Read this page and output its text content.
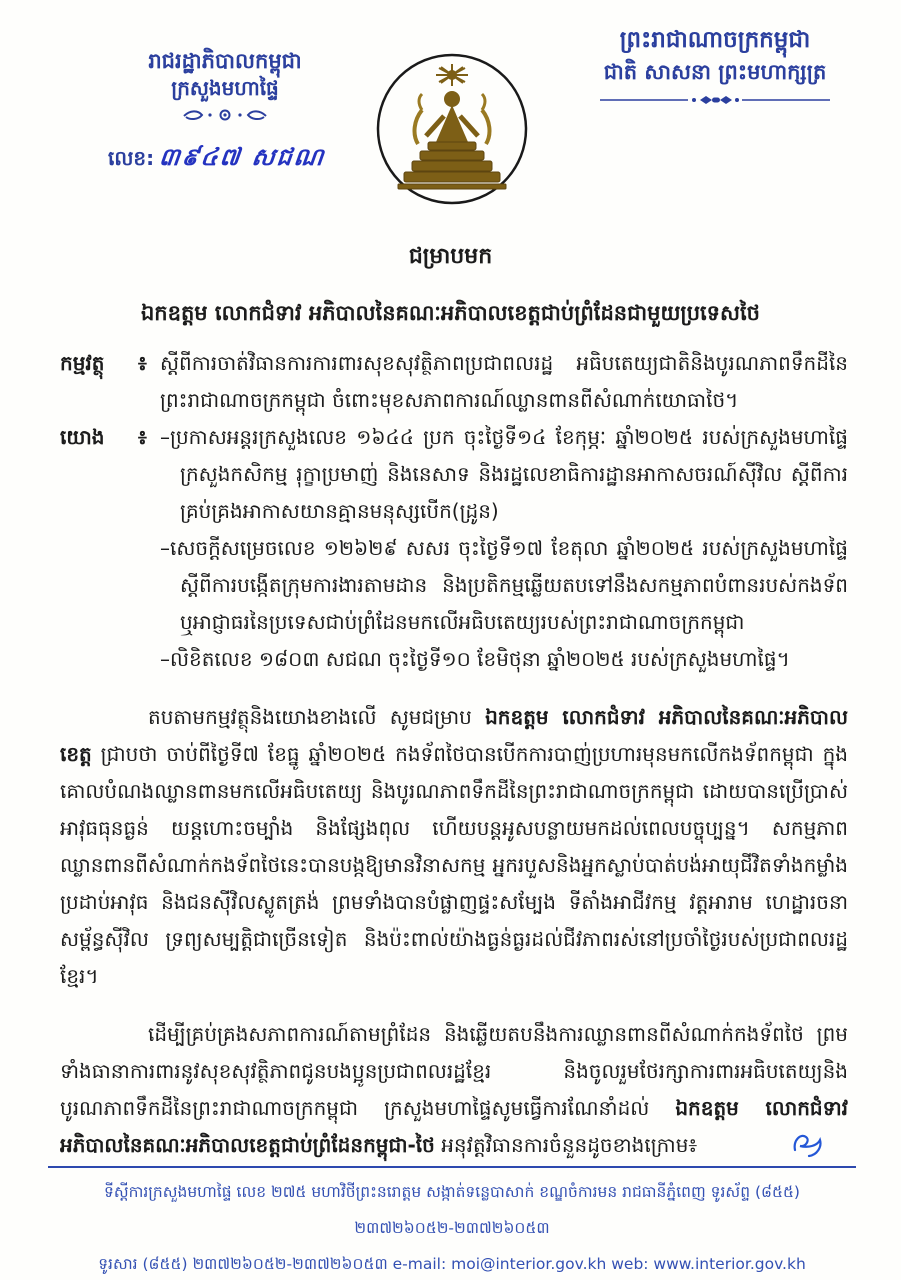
រាជរដ្ឋាភិបាលកម្ពុជា
ក្រសួងមហាផ្ទៃ
លេខ: ៣៩៤៧ សជណ
ព្រះរាជាណាចក្រកម្ពុជា
ជាតិ សាសនា ព្រះមហាក្សត្រ
ជម្រាបមក
ឯកឧត្តម លោកជំទាវ អភិបាលនៃគណៈអភិបាលខេត្តជាប់ព្រំដែនជាមួយប្រទេសថៃ
កម្មវត្ថុ	៖ ស្តីពីការចាត់វិធានការការពារសុខសុវត្ថិភាពប្រជាពលរដ្ឋ អធិបតេយ្យជាតិនិងបូរណភាពទឹកដីនៃព្រះរាជាណាចក្រកម្ពុជា ចំពោះមុខសភាពការណ៍ឈ្លានពានពីសំណាក់យោធាថៃ។
យោង	៖ –ប្រកាសអន្តរក្រសួងលេខ ១៦៤៤ ប្រក ចុះថ្ងៃទី១៤ ខែកុម្ភៈ ឆ្នាំ២០២៥ របស់ក្រសួងមហាផ្ទៃ ក្រសួងកសិកម្ម រុក្ខាប្រមាញ់ និងនេសាទ និងរដ្ឋលេខាធិការដ្ឋានអាកាសចរណ៍ស៊ីវិល ស្តីពីការគ្រប់គ្រងអាកាសយានគ្មានមនុស្សបើក(ដ្រូន)
–សេចក្តីសម្រេចលេខ ១២៦២៩ សសរ ចុះថ្ងៃទី១៧ ខែតុលា ឆ្នាំ២០២៥ របស់ក្រសួងមហាផ្ទៃ ស្តីពីការបង្កើតក្រុមការងារតាមដាន និងប្រតិកម្មឆ្លើយតបទៅនឹងសកម្មភាពបំពានរបស់កងទ័ព ឬអាជ្ញាធរនៃប្រទេសជាប់ព្រំដែនមកលើអធិបតេយ្យរបស់ព្រះរាជាណាចក្រកម្ពុជា
–លិខិតលេខ ១៨០៣ សជណ ចុះថ្ងៃទី១០ ខែមិថុនា ឆ្នាំ២០២៥ របស់ក្រសួងមហាផ្ទៃ។

តបតាមកម្មវត្ថុនិងយោងខាងលើ សូមជម្រាប ឯកឧត្តម លោកជំទាវ អភិបាលនៃគណៈអភិបាលខេត្ត ជ្រាបថា ចាប់ពីថ្ងៃទី៧ ខែធ្នូ ឆ្នាំ២០២៥ កងទ័ពថៃបានបើកការបាញ់ប្រហារមុនមកលើកងទ័ពកម្ពុជា ក្នុងគោលបំណងឈ្លានពានមកលើអធិបតេយ្យ និងបូរណភាពទឹកដីនៃព្រះរាជាណាចក្រកម្ពុជា ដោយបានប្រើប្រាស់អាវុធធុនធ្ងន់ យន្តហោះចម្បាំង និងផ្សែងពុល ហើយបន្តអូសបន្លាយមកដល់ពេលបច្ចុប្បន្ន។ សកម្មភាពឈ្លានពានពីសំណាក់កងទ័ពថៃនេះបានបង្កឱ្យមានវិនាសកម្ម អ្នករបួសនិងអ្នកស្លាប់បាត់បង់អាយុជីវិតទាំងកម្លាំងប្រដាប់អាវុធ និងជនស៊ីវិលស្លូតត្រង់ ព្រមទាំងបានបំផ្លាញផ្ទះសម្បែង ទីតាំងអាជីវកម្ម វត្តអារាម ហេដ្ឋារចនាសម្ព័ន្ធស៊ីវិល ទ្រព្យសម្បត្តិជាច្រើនទៀត និងប៉ះពាល់យ៉ាងធ្ងន់ធ្ងរដល់ជីវភាពរស់នៅប្រចាំថ្ងៃរបស់ប្រជាពលរដ្ឋខ្មែរ។

ដើម្បីគ្រប់គ្រងសភាពការណ៍តាមព្រំដែន និងឆ្លើយតបនឹងការឈ្លានពានពីសំណាក់កងទ័ពថៃ ព្រមទាំងធានាការពារនូវសុខសុវត្ថិភាពជូនបងប្អូនប្រជាពលរដ្ឋខ្មែរ និងចូលរួមថែរក្សាការពារអធិបតេយ្យនិងបូរណភាពទឹកដីនៃព្រះរាជាណាចក្រកម្ពុជា ក្រសួងមហាផ្ទៃសូមធ្វើការណែនាំដល់ ឯកឧត្តម លោកជំទាវ អភិបាលនៃគណៈអភិបាលខេត្តជាប់ព្រំដែនកម្ពុជា-ថៃ អនុវត្តវិធានការចំនួនដូចខាងក្រោម៖

ទីស្តីការក្រសួងមហាផ្ទៃ លេខ ២៧៥ មហាវិថីព្រះនរោត្តម សង្កាត់ទន្លេបាសាក់ ខណ្ឌចំការមន រាជធានីភ្នំពេញ ទូរស័ព្ទ (៨៥៥) ២៣៧២៦០៥២-២៣៧២៦០៥៣
ទូរសារ (៨៥៥) ២៣៧២៦០៥២-២៣៧២៦០៥៣ e-mail: moi@interior.gov.kh web: www.interior.gov.kh
